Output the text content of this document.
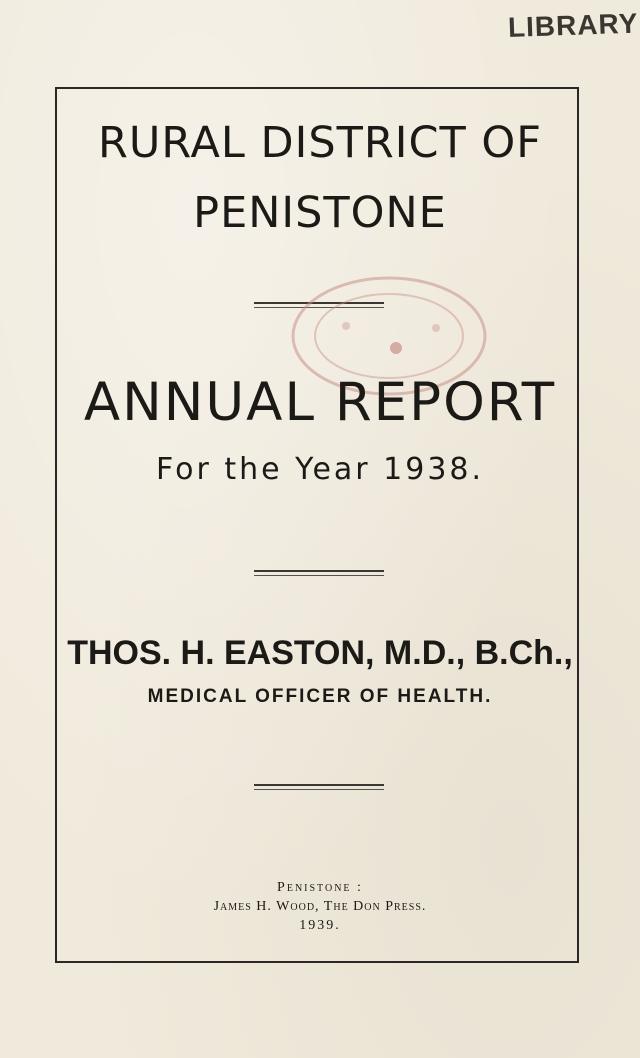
LIBRARY
RURAL DISTRICT OF
PENISTONE
ANNUAL REPORT
For the Year 1938.
THOS. H. EASTON, M.D., B.Ch.,
MEDICAL OFFICER OF HEALTH.
Penistone :
James H. Wood, The Don Press.
1939.
